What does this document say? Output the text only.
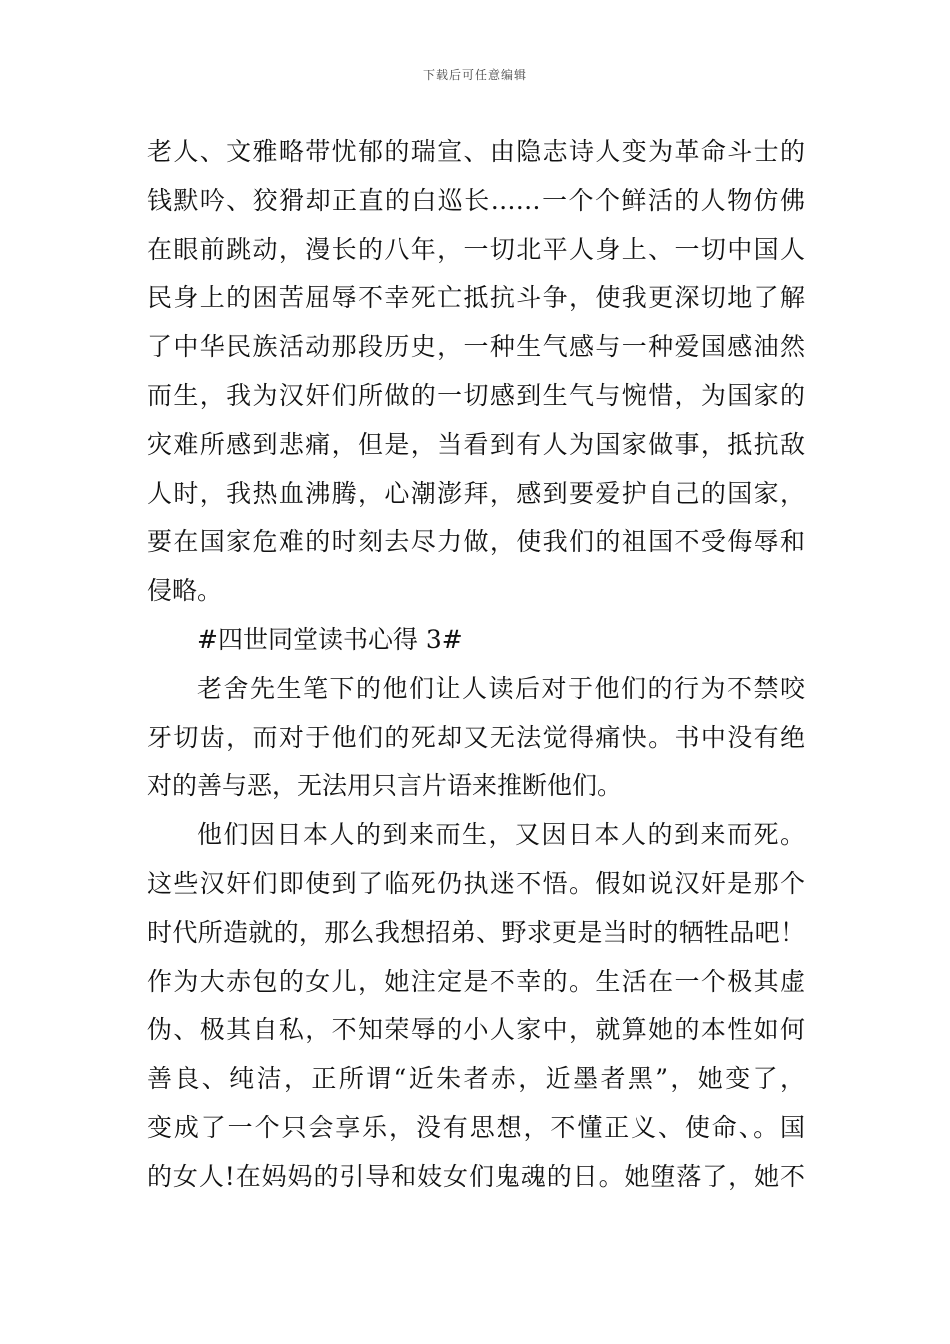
下载后可任意编辑
老人、文雅略带忧郁的瑞宣、由隐志诗人变为革命斗士的
钱默吟、狡猾却正直的白巡长……一个个鲜活的人物仿佛
在眼前跳动，漫长的八年，一切北平人身上、一切中国人
民身上的困苦屈辱不幸死亡抵抗斗争，使我更深切地了解
了中华民族活动那段历史，一种生气感与一种爱国感油然
而生，我为汉奸们所做的一切感到生气与惋惜，为国家的
灾难所感到悲痛，但是，当看到有人为国家做事，抵抗敌
人时，我热血沸腾，心潮澎拜，感到要爱护自己的国家，
要在国家危难的时刻去尽力做，使我们的祖国不受侮辱和
侵略。
#四世同堂读书心得 3#
老舍先生笔下的他们让人读后对于他们的行为不禁咬
牙切齿，而对于他们的死却又无法觉得痛快。书中没有绝
对的善与恶，无法用只言片语来推断他们。
他们因日本人的到来而生，又因日本人的到来而死。
这些汉奸们即使到了临死仍执迷不悟。假如说汉奸是那个
时代所造就的，那么我想招弟、野求更是当时的牺牲品吧！
作为大赤包的女儿，她注定是不幸的。生活在一个极其虚
伪、极其自私，不知荣辱的小人家中，就算她的本性如何
善良、纯洁，正所谓“近朱者赤，近墨者黑”，她变了，
变成了一个只会享乐，没有思想，不懂正义、使命、。国
的女人!在妈妈的引导和妓女们鬼魂的日。她堕落了，她不
